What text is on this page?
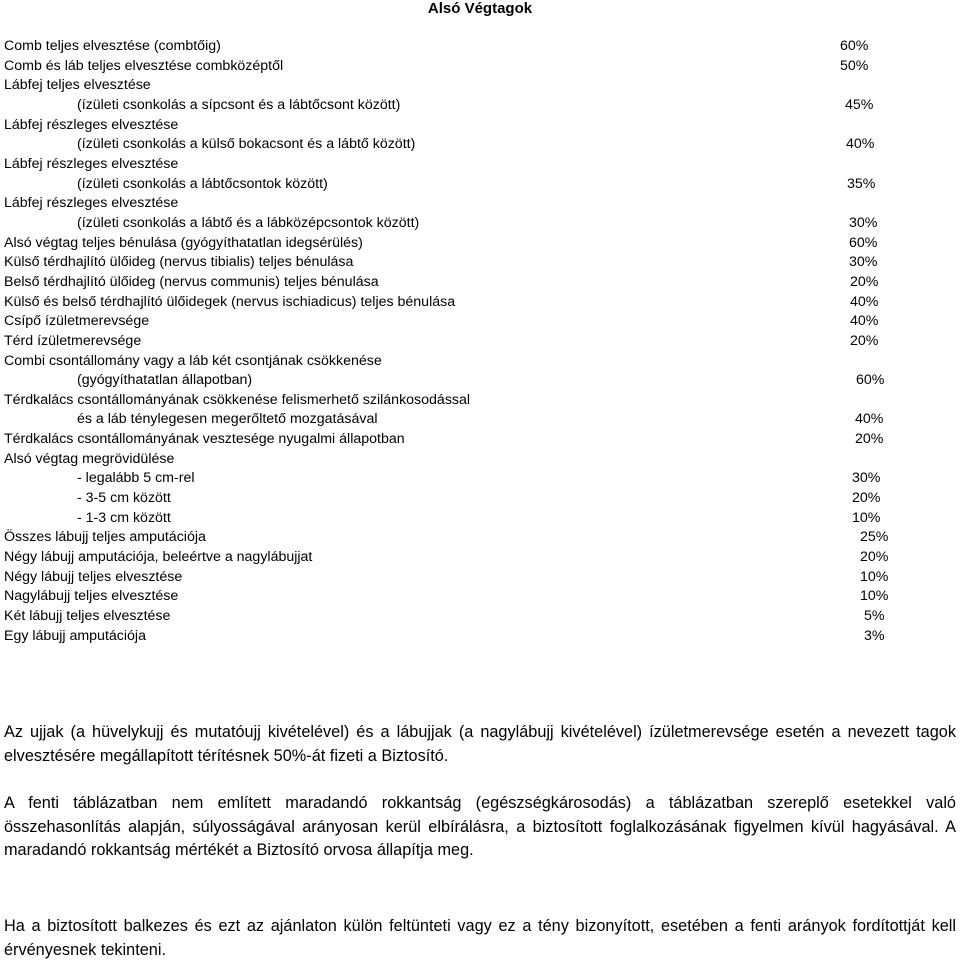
Alsó Végtagok
Comb teljes elvesztése (combtőig)	60%
Comb és láb teljes elvesztése combközéptől	50%
Lábfej teljes elvesztése
(ízületi csonkolás a sípcsont és a lábtőcsont között)	45%
Lábfej részleges elvesztése
(ízületi csonkolás a külső bokacsont és a lábtő között)	40%
Lábfej részleges elvesztése
(ízületi csonkolás a lábtőcsontok között)	35%
Lábfej részleges elvesztése
(ízületi csonkolás a lábtő és a lábközépcsontok között)	30%
Alsó végtag teljes bénulása (gyógyíthatatlan idegsérülés)	60%
Külső térdhajlító ülőideg (nervus tibialis) teljes bénulása	30%
Belső térdhajlító ülőideg (nervus communis) teljes bénulása	20%
Külső és belső térdhajlító ülőidegek (nervus ischiadicus) teljes bénulása	40%
Csípő ízületmerevsége	40%
Térd ízületmerevsége	20%
Combi csontállomány vagy a láb két csontjának csökkenése
(gyógyíthatatlan állapotban)	60%
Térdkalács csontállományának csökkenése felismerhető szilánkosodással
és a láb ténylegesen megerőltető mozgatásával	40%
Térdkalács csontállományának vesztesége nyugalmi állapotban	20%
Alsó végtag megrövidülése
- legalább 5 cm-rel	30%
- 3-5 cm között	20%
- 1-3 cm között	10%
Összes lábujj teljes amputációja	25%
Négy lábujj amputációja, beleértve a nagylábujjat	20%
Négy lábujj teljes elvesztése	10%
Nagylábujj teljes elvesztése	10%
Két lábujj teljes elvesztése	5%
Egy lábujj amputációja	3%

Az ujjak (a hüvelykujj és mutatóujj kivételével) és a lábujjak (a nagylábujj kivételével) ízületmerevsége esetén a nevezett tagok elvesztésére megállapított térítésnek 50%-át fizeti a Biztosító.

A fenti táblázatban nem említett maradandó rokkantság (egészségkárosodás) a táblázatban szereplő esetekkel való összehasonlítás alapján, súlyosságával arányosan kerül elbírálásra, a biztosított foglalkozásának figyelmen kívül hagyásával. A maradandó rokkantság mértékét a Biztosító orvosa állapítja meg.

Ha a biztosított balkezes és ezt az ajánlaton külön feltünteti vagy ez a tény bizonyított, esetében a fenti arányok fordítottját kell érvényesnek tekinteni.
